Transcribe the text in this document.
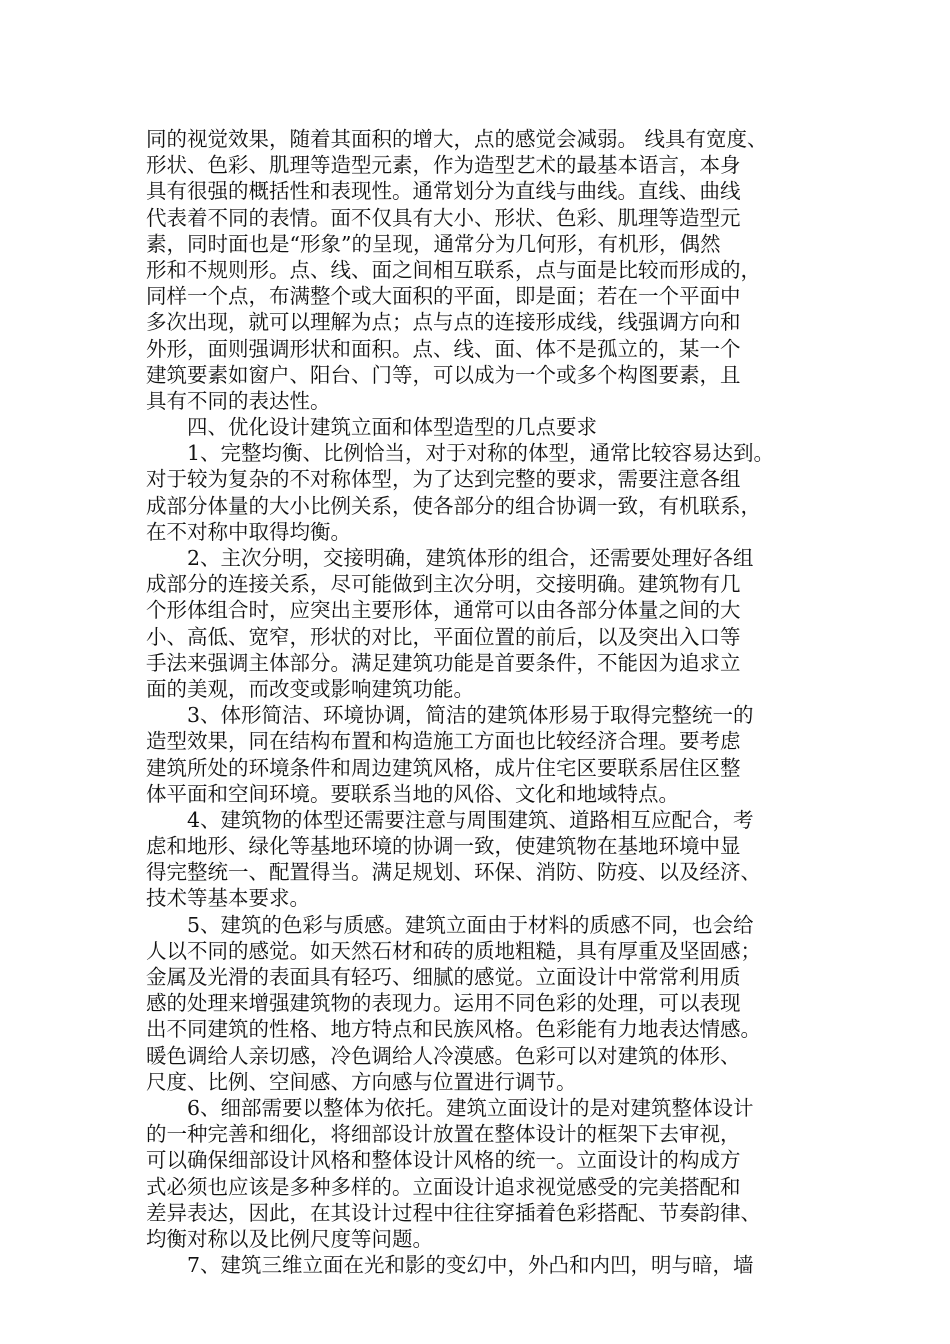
同的视觉效果，随着其面积的增大，点的感觉会减弱。 线具有宽度、
形状、色彩、肌理等造型元素，作为造型艺术的最基本语言，本身
具有很强的概括性和表现性。通常划分为直线与曲线。直线、曲线
代表着不同的表情。面不仅具有大小、形状、色彩、肌理等造型元
素，同时面也是“形象”的呈现，通常分为几何形，有机形，偶然
形和不规则形。点、线、面之间相互联系，点与面是比较而形成的，
同样一个点，布满整个或大面积的平面，即是面；若在一个平面中
多次出现，就可以理解为点；点与点的连接形成线，线强调方向和
外形，面则强调形状和面积。点、线、面、体不是孤立的，某一个
建筑要素如窗户、阳台、门等，可以成为一个或多个构图要素，且
具有不同的表达性。
四、优化设计建筑立面和体型造型的几点要求
1、完整均衡、比例恰当，对于对称的体型，通常比较容易达到。
对于较为复杂的不对称体型，为了达到完整的要求，需要注意各组
成部分体量的大小比例关系，使各部分的组合协调一致，有机联系，
在不对称中取得均衡。
2、主次分明，交接明确，建筑体形的组合，还需要处理好各组
成部分的连接关系，尽可能做到主次分明，交接明确。建筑物有几
个形体组合时，应突出主要形体，通常可以由各部分体量之间的大
小、高低、宽窄，形状的对比，平面位置的前后，以及突出入口等
手法来强调主体部分。满足建筑功能是首要条件，不能因为追求立
面的美观，而改变或影响建筑功能。
3、体形简洁、环境协调，简洁的建筑体形易于取得完整统一的
造型效果，同在结构布置和构造施工方面也比较经济合理。要考虑
建筑所处的环境条件和周边建筑风格，成片住宅区要联系居住区整
体平面和空间环境。要联系当地的风俗、文化和地域特点。
4、建筑物的体型还需要注意与周围建筑、道路相互应配合，考
虑和地形、绿化等基地环境的协调一致，使建筑物在基地环境中显
得完整统一、配置得当。满足规划、环保、消防、防疫、以及经济、
技术等基本要求。
5、建筑的色彩与质感。建筑立面由于材料的质感不同，也会给
人以不同的感觉。如天然石材和砖的质地粗糙，具有厚重及坚固感；
金属及光滑的表面具有轻巧、细腻的感觉。立面设计中常常利用质
感的处理来增强建筑物的表现力。运用不同色彩的处理，可以表现
出不同建筑的性格、地方特点和民族风格。色彩能有力地表达情感。
暖色调给人亲切感，冷色调给人冷漠感。色彩可以对建筑的体形、
尺度、比例、空间感、方向感与位置进行调节。
6、细部需要以整体为依托。建筑立面设计的是对建筑整体设计
的一种完善和细化，将细部设计放置在整体设计的框架下去审视，
可以确保细部设计风格和整体设计风格的统一。立面设计的构成方
式必须也应该是多种多样的。立面设计追求视觉感受的完美搭配和
差异表达，因此，在其设计过程中往往穿插着色彩搭配、节奏韵律、
均衡对称以及比例尺度等问题。
7、建筑三维立面在光和影的变幻中，外凸和内凹，明与暗，墙
